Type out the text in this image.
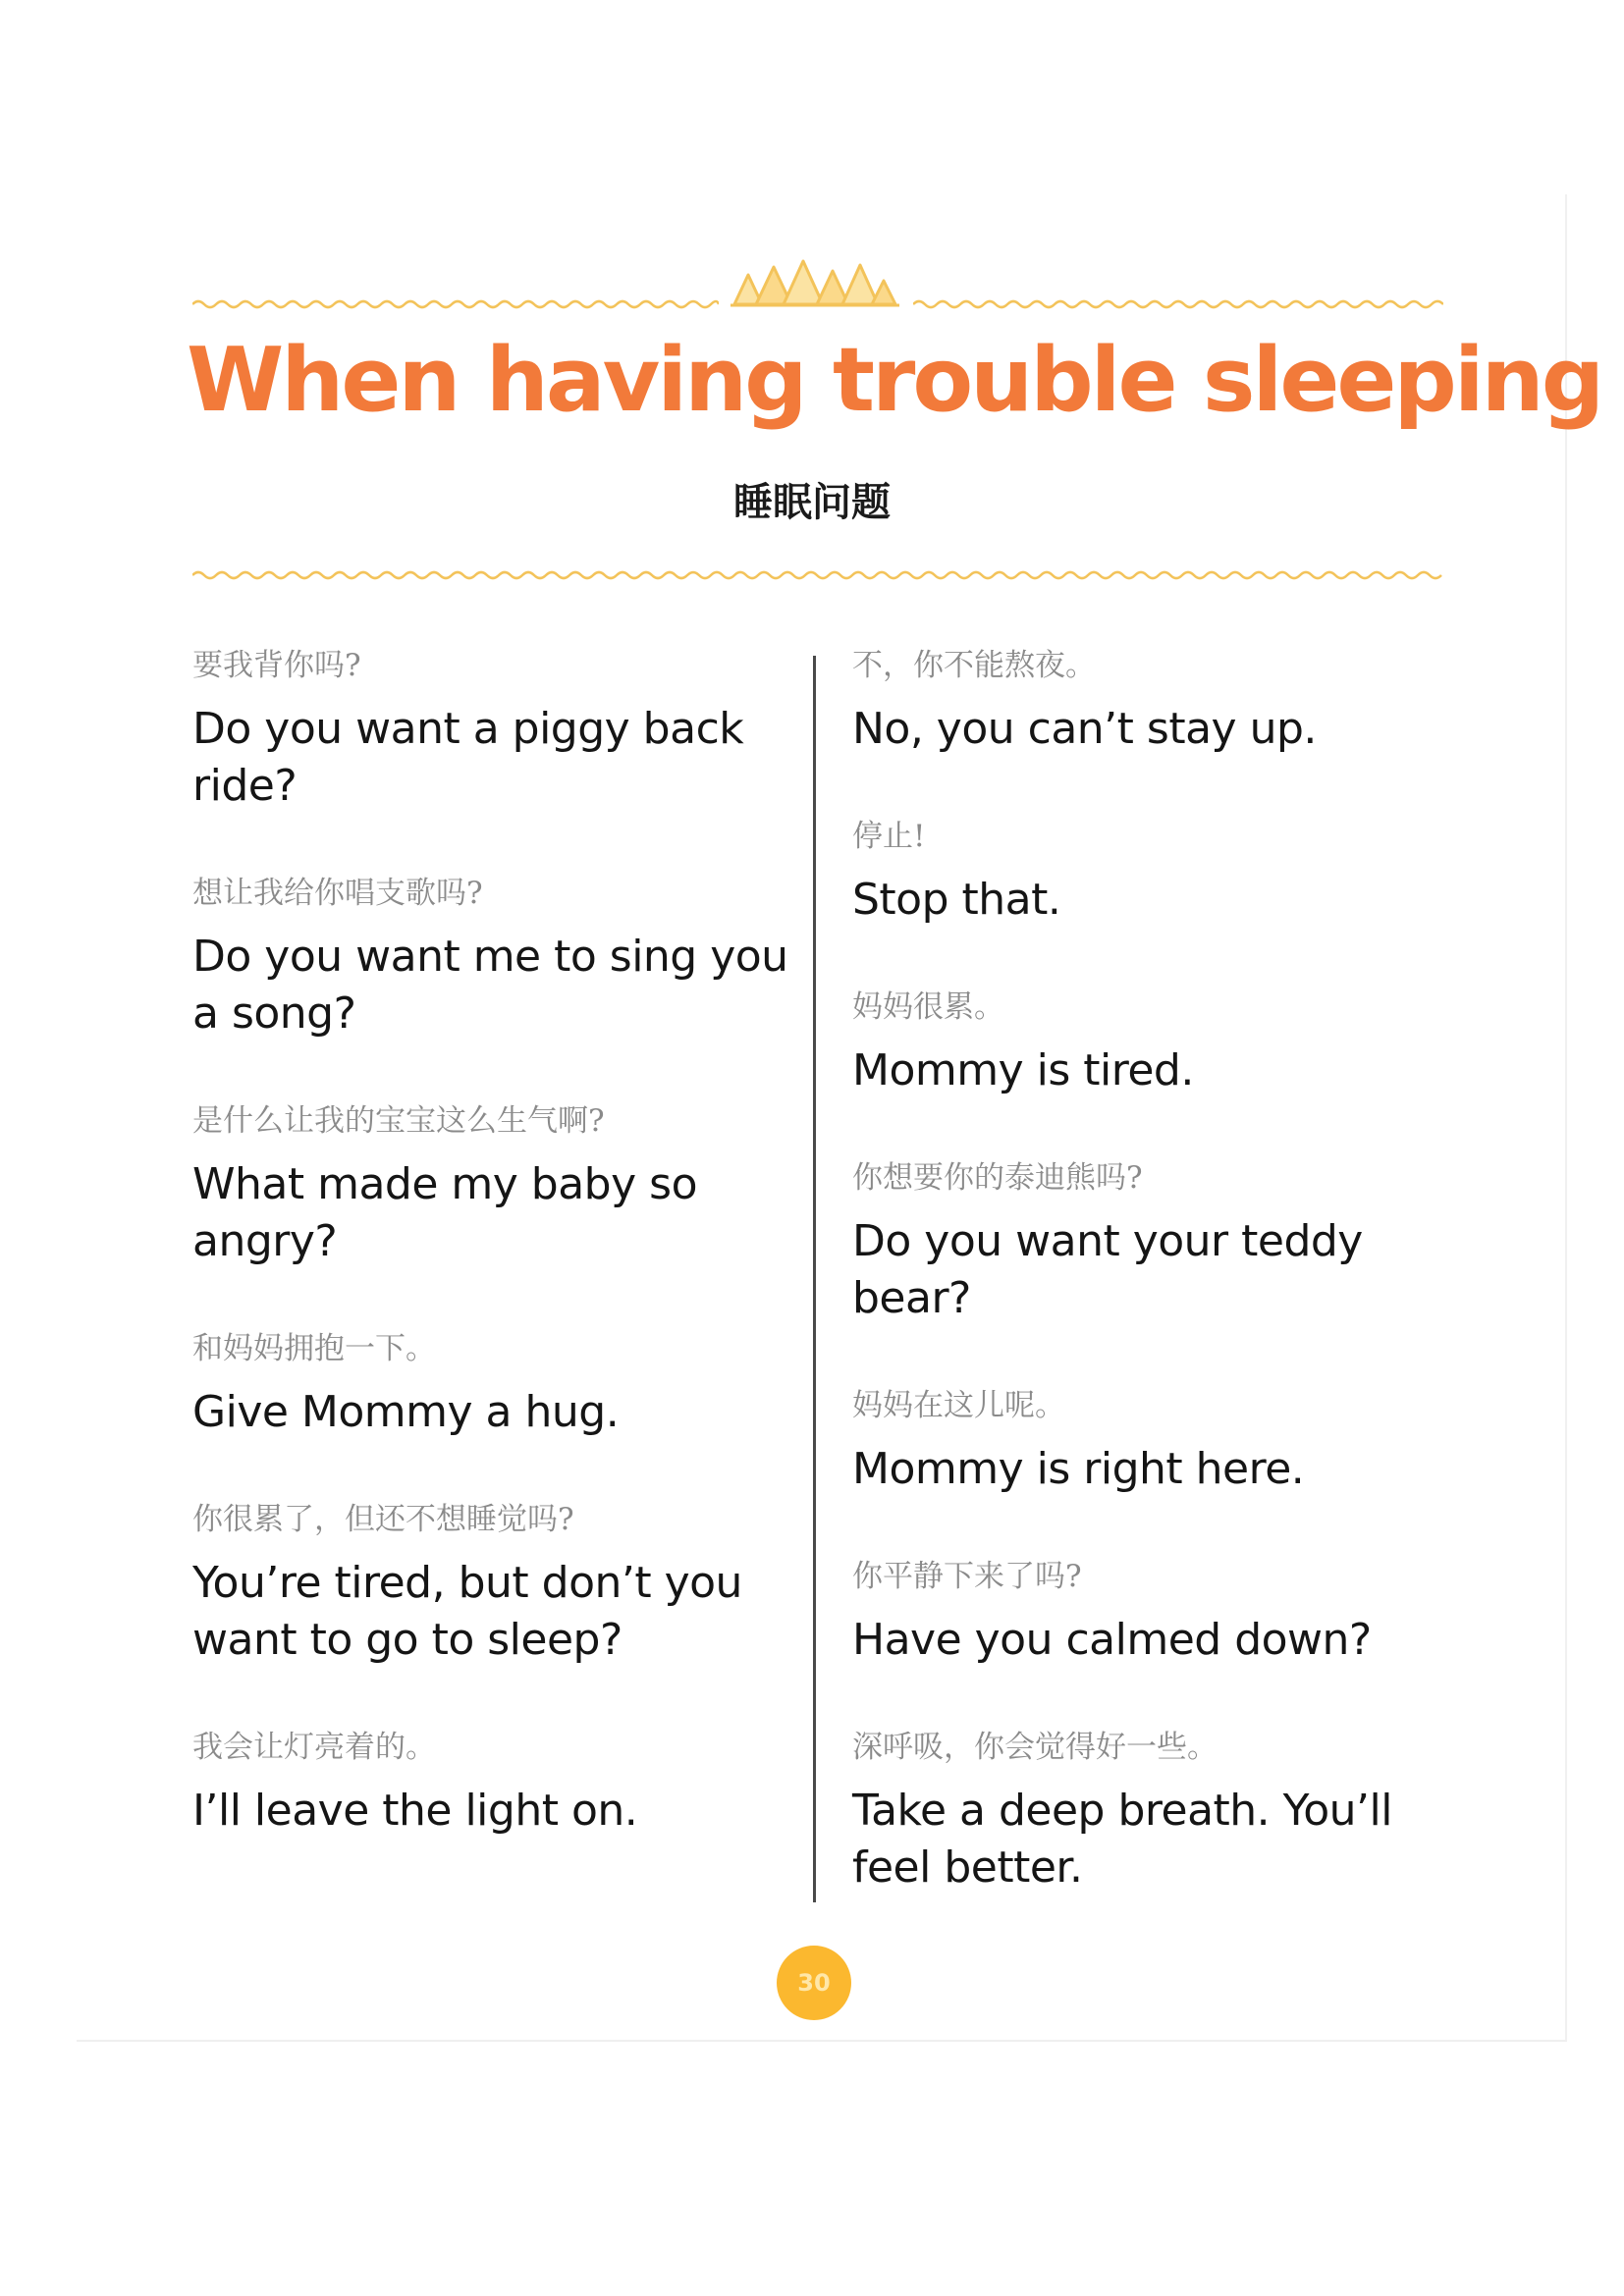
When having trouble sleeping
睡眠问题
要我背你吗?
Do you want a piggy back ride?
想让我给你唱支歌吗?
Do you want me to sing you a song?
是什么让我的宝宝这么生气啊?
What made my baby so angry?
和妈妈拥抱一下。
Give Mommy a hug.
你很累了，但还不想睡觉吗?
You’re tired, but don’t you want to go to sleep?
我会让灯亮着的。
I’ll leave the light on.
不，你不能熬夜。
No, you can’t stay up.
停止!
Stop that.
妈妈很累。
Mommy is tired.
你想要你的泰迪熊吗?
Do you want your teddy bear?
妈妈在这儿呢。
Mommy is right here.
你平静下来了吗?
Have you calmed down?
深呼吸，你会觉得好一些。
Take a deep breath. You’ll feel better.
30
